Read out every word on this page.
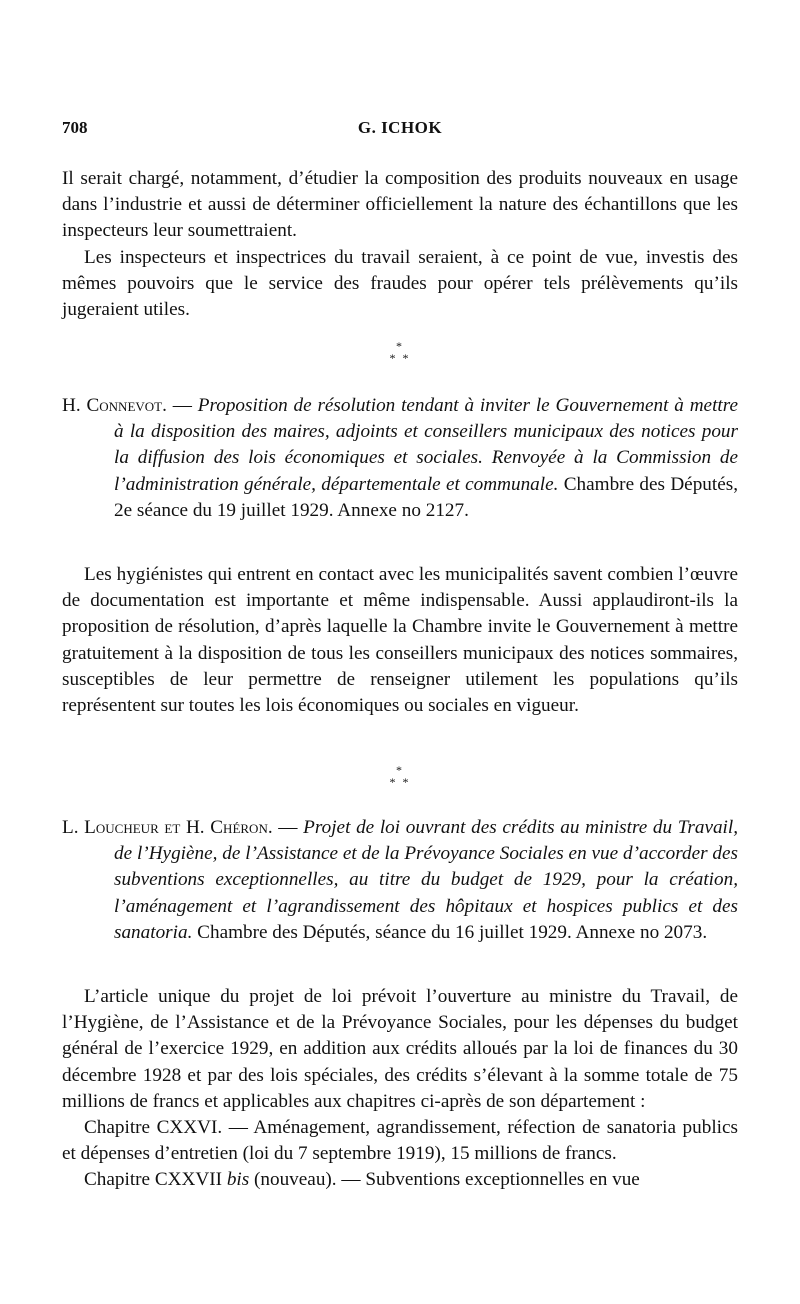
708	G. ICHOK

Il serait chargé, notamment, d’étudier la composition des produits nouveaux en usage dans l’industrie et aussi de déterminer officiellement la nature des échantillons que les inspecteurs leur soumettraient.

Les inspecteurs et inspectrices du travail seraient, à ce point de vue, investis des mêmes pouvoirs que le service des fraudes pour opérer tels prélèvements qu’ils jugeraient utiles.

*
* *
H. Connevot. — Proposition de résolution tendant à inviter le Gouvernement à mettre à la disposition des maires, adjoints et conseillers municipaux des notices pour la diffusion des lois économiques et sociales. Renvoyée à la Commission de l’administration générale, départementale et communale. Chambre des Députés, 2e séance du 19 juillet 1929. Annexe no 2127.

Les hygiénistes qui entrent en contact avec les municipalités savent combien l’œuvre de documentation est importante et même indispensable. Aussi applaudiront-ils la proposition de résolution, d’après laquelle la Chambre invite le Gouvernement à mettre gratuitement à la disposition de tous les conseillers municipaux des notices sommaires, susceptibles de leur permettre de renseigner utilement les populations qu’ils représentent sur toutes les lois économiques ou sociales en vigueur.

*
* *
L. Loucheur et H. Chéron. — Projet de loi ouvrant des crédits au ministre du Travail, de l’Hygiène, de l’Assistance et de la Prévoyance Sociales en vue d’accorder des subventions exceptionnelles, au titre du budget de 1929, pour la création, l’aménagement et l’agrandissement des hôpitaux et hospices publics et des sanatoria. Chambre des Députés, séance du 16 juillet 1929. Annexe no 2073.

L’article unique du projet de loi prévoit l’ouverture au ministre du Travail, de l’Hygiène, de l’Assistance et de la Prévoyance Sociales, pour les dépenses du budget général de l’exercice 1929, en addition aux crédits alloués par la loi de finances du 30 décembre 1928 et par des lois spéciales, des crédits s’élevant à la somme totale de 75 millions de francs et applicables aux chapitres ci-après de son département :

Chapitre CXXVI. — Aménagement, agrandissement, réfection de sanatoria publics et dépenses d’entretien (loi du 7 septembre 1919), 15 millions de francs.

Chapitre CXXVII bis (nouveau). — Subventions exceptionnelles en vue
